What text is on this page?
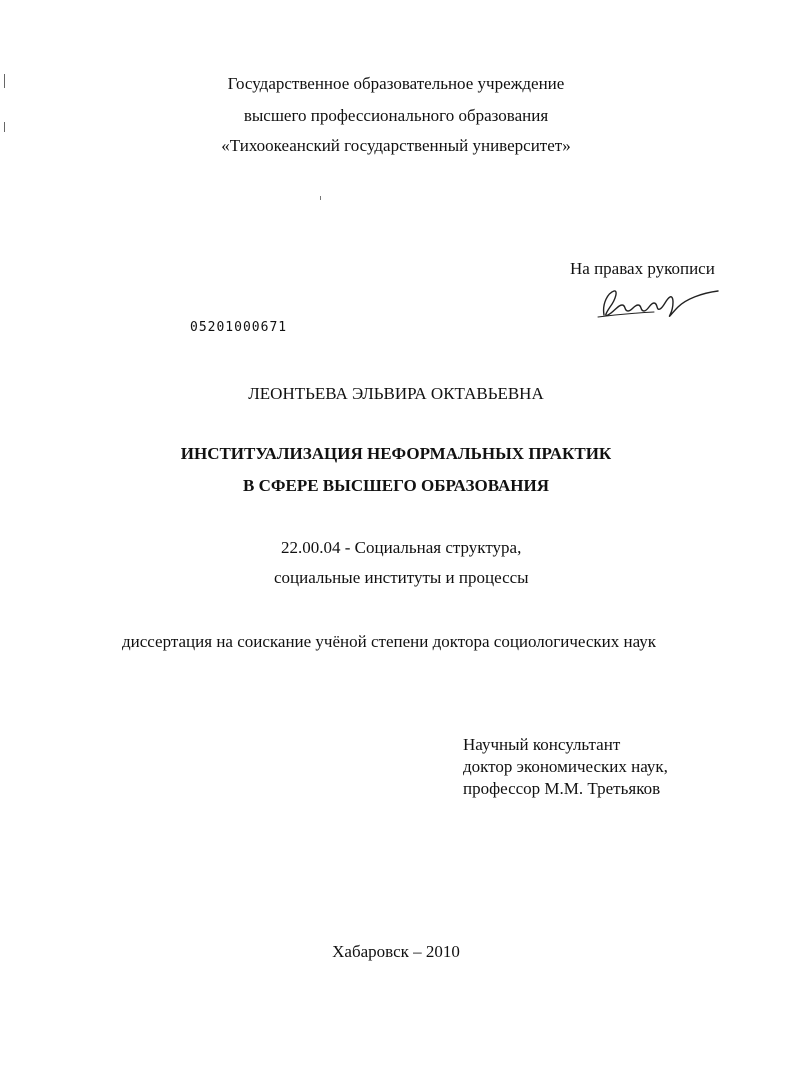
Государственное образовательное учреждение
высшего профессионального образования
«Тихоокеанский государственный университет»
На правах рукописи
05201000671
ЛЕОНТЬЕВА ЭЛЬВИРА ОКТАВЬЕВНА
ИНСТИТУАЛИЗАЦИЯ НЕФОРМАЛЬНЫХ ПРАКТИК
В СФЕРЕ ВЫСШЕГО ОБРАЗОВАНИЯ
22.00.04 - Социальная структура,
социальные институты и процессы
диссертация на соискание учёной степени доктора социологических наук
Научный консультант
доктор экономических наук,
профессор М.М. Третьяков
Хабаровск – 2010
